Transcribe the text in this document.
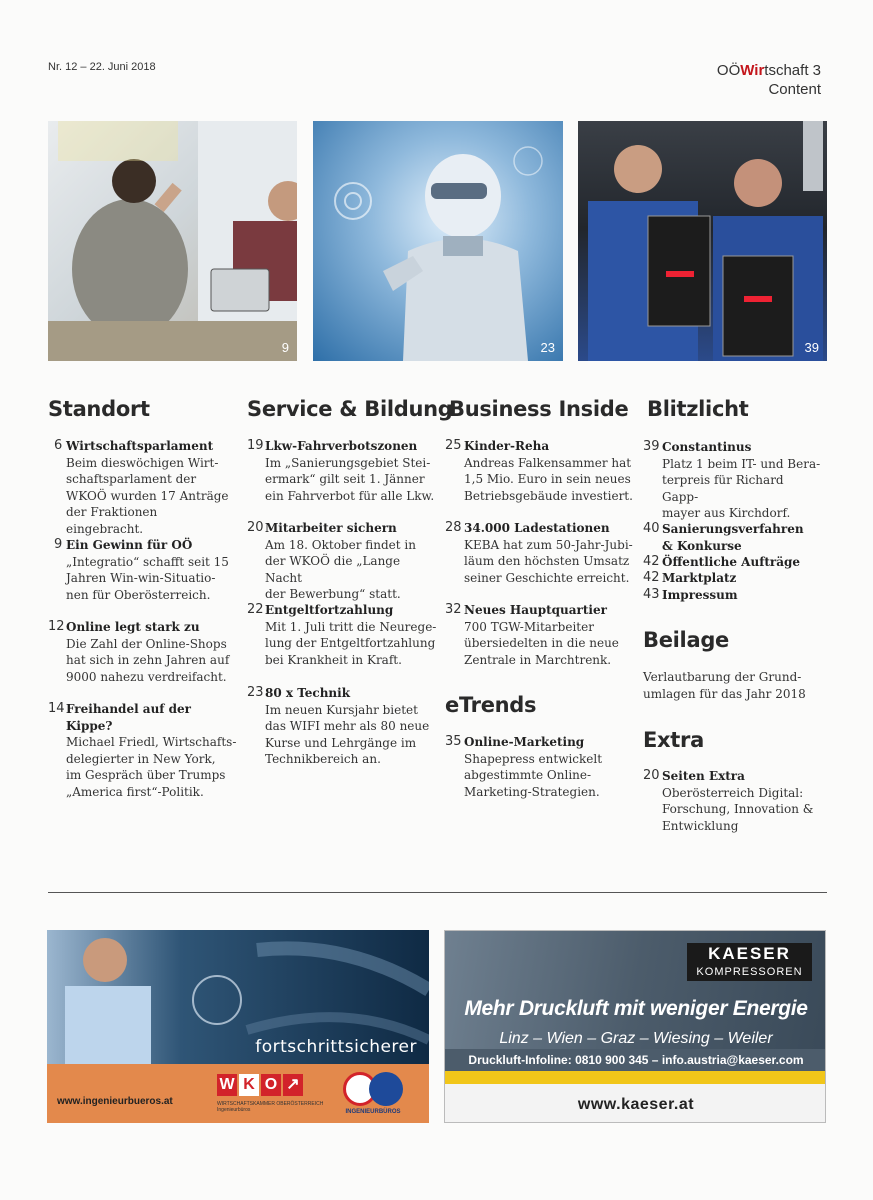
Nr. 12 – 22. Juni 2018	OÖWirtschaft 3
Content
9	23	39
Standort	Service & Bildung
Business Inside Blitzlicht
eTrends
Beilage
Extra
6 Wirtschaftsparlament
Beim dieswöchigen Wirt-
schaftsparlament der
WKOÖ wurden 17 Anträge
der Fraktionen eingebracht.
9 Ein Gewinn für OÖ
„Integratio“ schafft seit 15
Jahren Win-win-Situatio-
nen für Oberösterreich.
12 Online legt stark zu
Die Zahl der Online-Shops
hat sich in zehn Jahren auf
9000 nahezu verdreifacht.
14 Freihandel auf der Kippe?
Michael Friedl, Wirtschafts-
delegierter in New York,
im Gespräch über Trumps
„America first“-Politik.
19 Lkw-Fahrverbotszonen
Im „Sanierungsgebiet Stei-
ermark“ gilt seit 1. Jänner
ein Fahrverbot für alle Lkw.
20 Mitarbeiter sichern
Am 18. Oktober findet in
der WKOÖ die „Lange Nacht
der Bewerbung“ statt.
22 Entgeltfortzahlung
Mit 1. Juli tritt die Neurege-
lung der Entgeltfortzahlung
bei Krankheit in Kraft.
23 80 x Technik
Im neuen Kursjahr bietet
das WIFI mehr als 80 neue
Kurse und Lehrgänge im
Technikbereich an.
25 Kinder-Reha
Andreas Falkensammer hat
1,5 Mio. Euro in sein neues
Betriebsgebäude investiert.
28 34.000 Ladestationen
KEBA hat zum 50-Jahr-Jubi-
läum den höchsten Umsatz
seiner Geschichte erreicht.
32 Neues Hauptquartier
700 TGW-Mitarbeiter
übersiedelten in die neue
Zentrale in Marchtrenk.
35 Online-Marketing
Shapepress entwickelt
abgestimmte Online-
Marketing-Strategien.
39 Constantinus
Platz 1 beim IT- und Bera-
terpreis für Richard Gapp-
mayer aus Kirchdorf.
40 Sanierungsverfahren
& Konkurse
42 Öffentliche Aufträge
42 Marktplatz
43 Impressum
Verlautbarung der Grund-
umlagen für das Jahr 2018
20 Seiten Extra
Oberösterreich Digital:
Forschung, Innovation &
Entwicklung
fortschrittsicherer
www.ingenieurbueros.at
W K O ↗
WIRTSCHAFTSKAMMER OBERÖSTERREICH Ingenieurbüros	INGENIEURBÜROS
KAESER
KOMPRESSOREN
Mehr Druckluft mit weniger Energie
Linz – Wien – Graz – Wiesing – Weiler
Druckluft-Infoline: 0810 900 345 – info.austria@kaeser.com
www.kaeser.at
